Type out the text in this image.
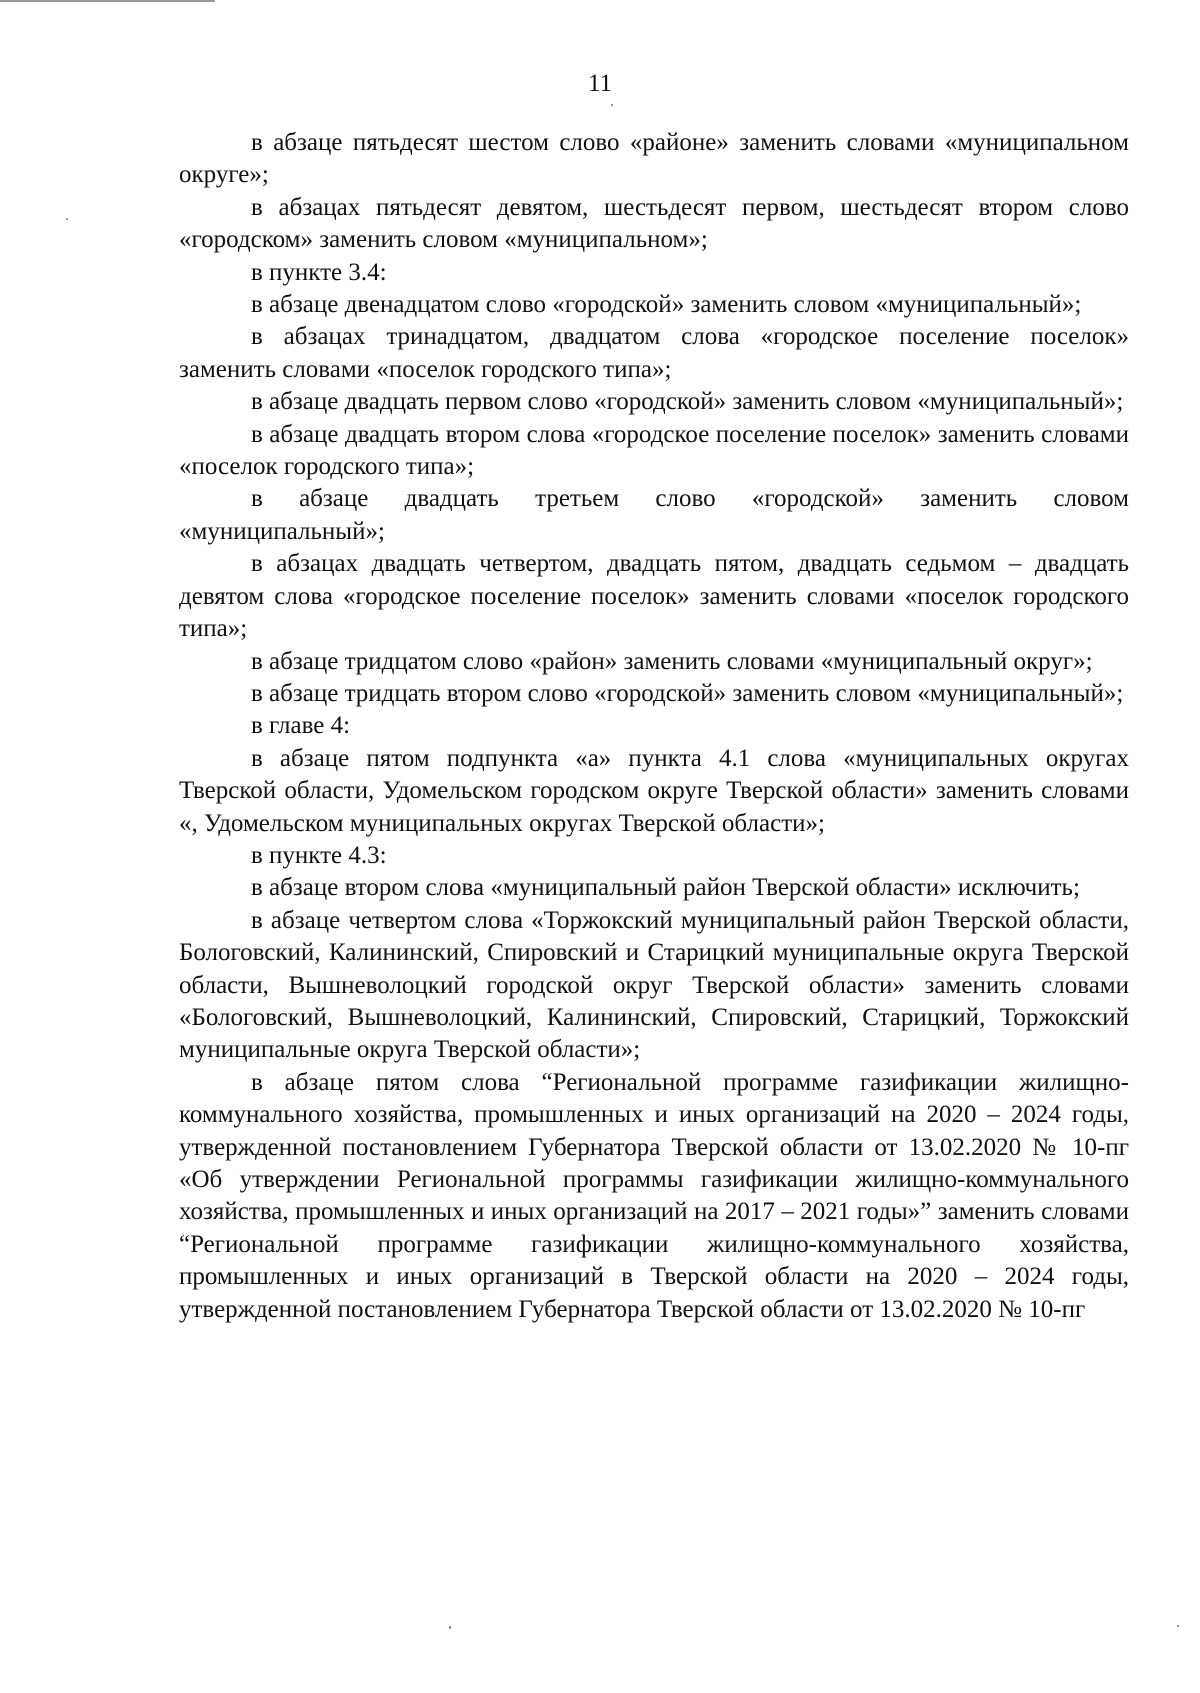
11

в абзаце пятьдесят шестом слово «районе» заменить словами «муниципальном округе»;

в абзацах пятьдесят девятом, шестьдесят первом, шестьдесят втором слово «городском» заменить словом «муниципальном»;

в пункте 3.4:

в абзаце двенадцатом слово «городской» заменить словом «муниципальный»;

в абзацах тринадцатом, двадцатом слова «городское поселение поселок» заменить словами «поселок городского типа»;

в абзаце двадцать первом слово «городской» заменить словом «муниципальный»;

в абзаце двадцать втором слова «городское поселение поселок» заменить словами «поселок городского типа»;

в абзаце двадцать третьем слово «городской» заменить словом «муниципальный»;

в абзацах двадцать четвертом, двадцать пятом, двадцать седьмом – двадцать девятом слова «городское поселение поселок» заменить словами «поселок городского типа»;

в абзаце тридцатом слово «район» заменить словами «муниципальный округ»;

в абзаце тридцать втором слово «городской» заменить словом «муниципальный»;

в главе 4:

в абзаце пятом подпункта «а» пункта 4.1 слова «муниципальных округах Тверской области, Удомельском городском округе Тверской области» заменить словами «, Удомельском муниципальных округах Тверской области»;

в пункте 4.3:

в абзаце втором слова «муниципальный район Тверской области» исключить;

в абзаце четвертом слова «Торжокский муниципальный район Тверской области, Бологовский, Калининский, Спировский и Старицкий муниципальные округа Тверской области, Вышневолоцкий городской округ Тверской области» заменить словами «Бологовский, Вышневолоцкий, Калининский, Спировский, Старицкий, Торжокский муниципальные округа Тверской области»;

в абзаце пятом слова “Региональной программе газификации жилищно-коммунального хозяйства, промышленных и иных организаций на 2020 – 2024 годы, утвержденной постановлением Губернатора Тверской области от 13.02.2020 № 10-пг «Об утверждении Региональной программы газификации жилищно-коммунального хозяйства, промышленных и иных организаций на 2017 – 2021 годы»” заменить словами “Региональной программе газификации жилищно-коммунального хозяйства, промышленных и иных организаций в Тверской области на 2020 – 2024 годы, утвержденной постановлением Губернатора Тверской области от 13.02.2020 № 10-пг
